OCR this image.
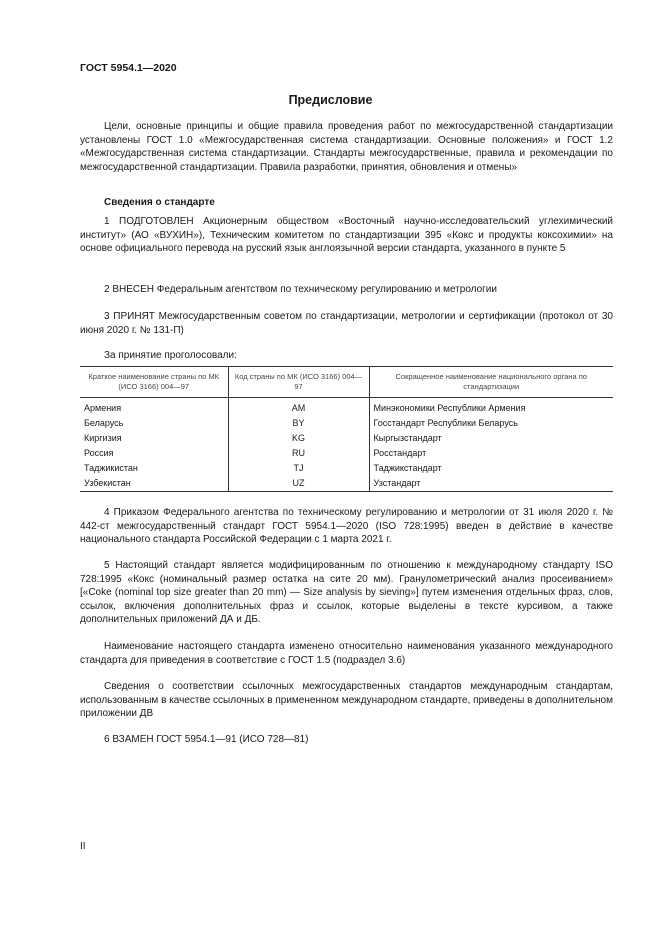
ГОСТ 5954.1—2020
Предисловие

Цели, основные принципы и общие правила проведения работ по межгосударственной стандартизации установлены ГОСТ 1.0 «Межгосударственная система стандартизации. Основные положения» и ГОСТ 1.2 «Межгосударственная система стандартизации. Стандарты межгосударственные, правила и рекомендации по межгосударственной стандартизации. Правила разработки, принятия, обновления и отмены»

Сведения о стандарте

1 ПОДГОТОВЛЕН Акционерным обществом «Восточный научно-исследовательский углехимический институт» (АО «ВУХИН»), Техническим комитетом по стандартизации 395 «Кокс и продукты коксохимии» на основе официального перевода на русский язык англоязычной версии стандарта, указанного в пункте 5

2 ВНЕСЕН Федеральным агентством по техническому регулированию и метрологии

3 ПРИНЯТ Межгосударственным советом по стандартизации, метрологии и сертификации (протокол от 30 июня 2020 г. № 131-П)

За принятие проголосовали:

Краткое наименование страны по МК (ИСО 3166) 004—97	Код страны по МК (ИСО 3166) 004—97	Сокращенное наименование национального органа по стандартизации
Армения	AM	Минэкономики Республики Армения
Беларусь	BY	Госстандарт Республики Беларусь
Киргизия	KG	Кыргызстандарт
Россия	RU	Росстандарт
Таджикистан	TJ	Таджикстандарт
Узбекистан	UZ	Узстандарт

4 Приказом Федерального агентства по техническому регулированию и метрологии от 31 июля 2020 г. № 442-ст межгосударственный стандарт ГОСТ 5954.1—2020 (ISO 728:1995) введен в действие в качестве национального стандарта Российской Федерации с 1 марта 2021 г.

5 Настоящий стандарт является модифицированным по отношению к международному стандарту ISO 728:1995 «Кокс (номинальный размер остатка на сите 20 мм). Гранулометрический анализ просеиванием» [«Coke (nominal top size greater than 20 mm) — Size analysis by sieving»] путем изменения отдельных фраз, слов, ссылок, включения дополнительных фраз и ссылок, которые выделены в тексте курсивом, а также дополнительных приложений ДА и ДБ.

Наименование настоящего стандарта изменено относительно наименования указанного международного стандарта для приведения в соответствие с ГОСТ 1.5 (подраздел 3.6)

Сведения о соответствии ссылочных межгосударственных стандартов международным стандартам, использованным в качестве ссылочных в примененном международном стандарте, приведены в дополнительном приложении ДВ

6 ВЗАМЕН ГОСТ 5954.1—91 (ИСО 728—81)

II
